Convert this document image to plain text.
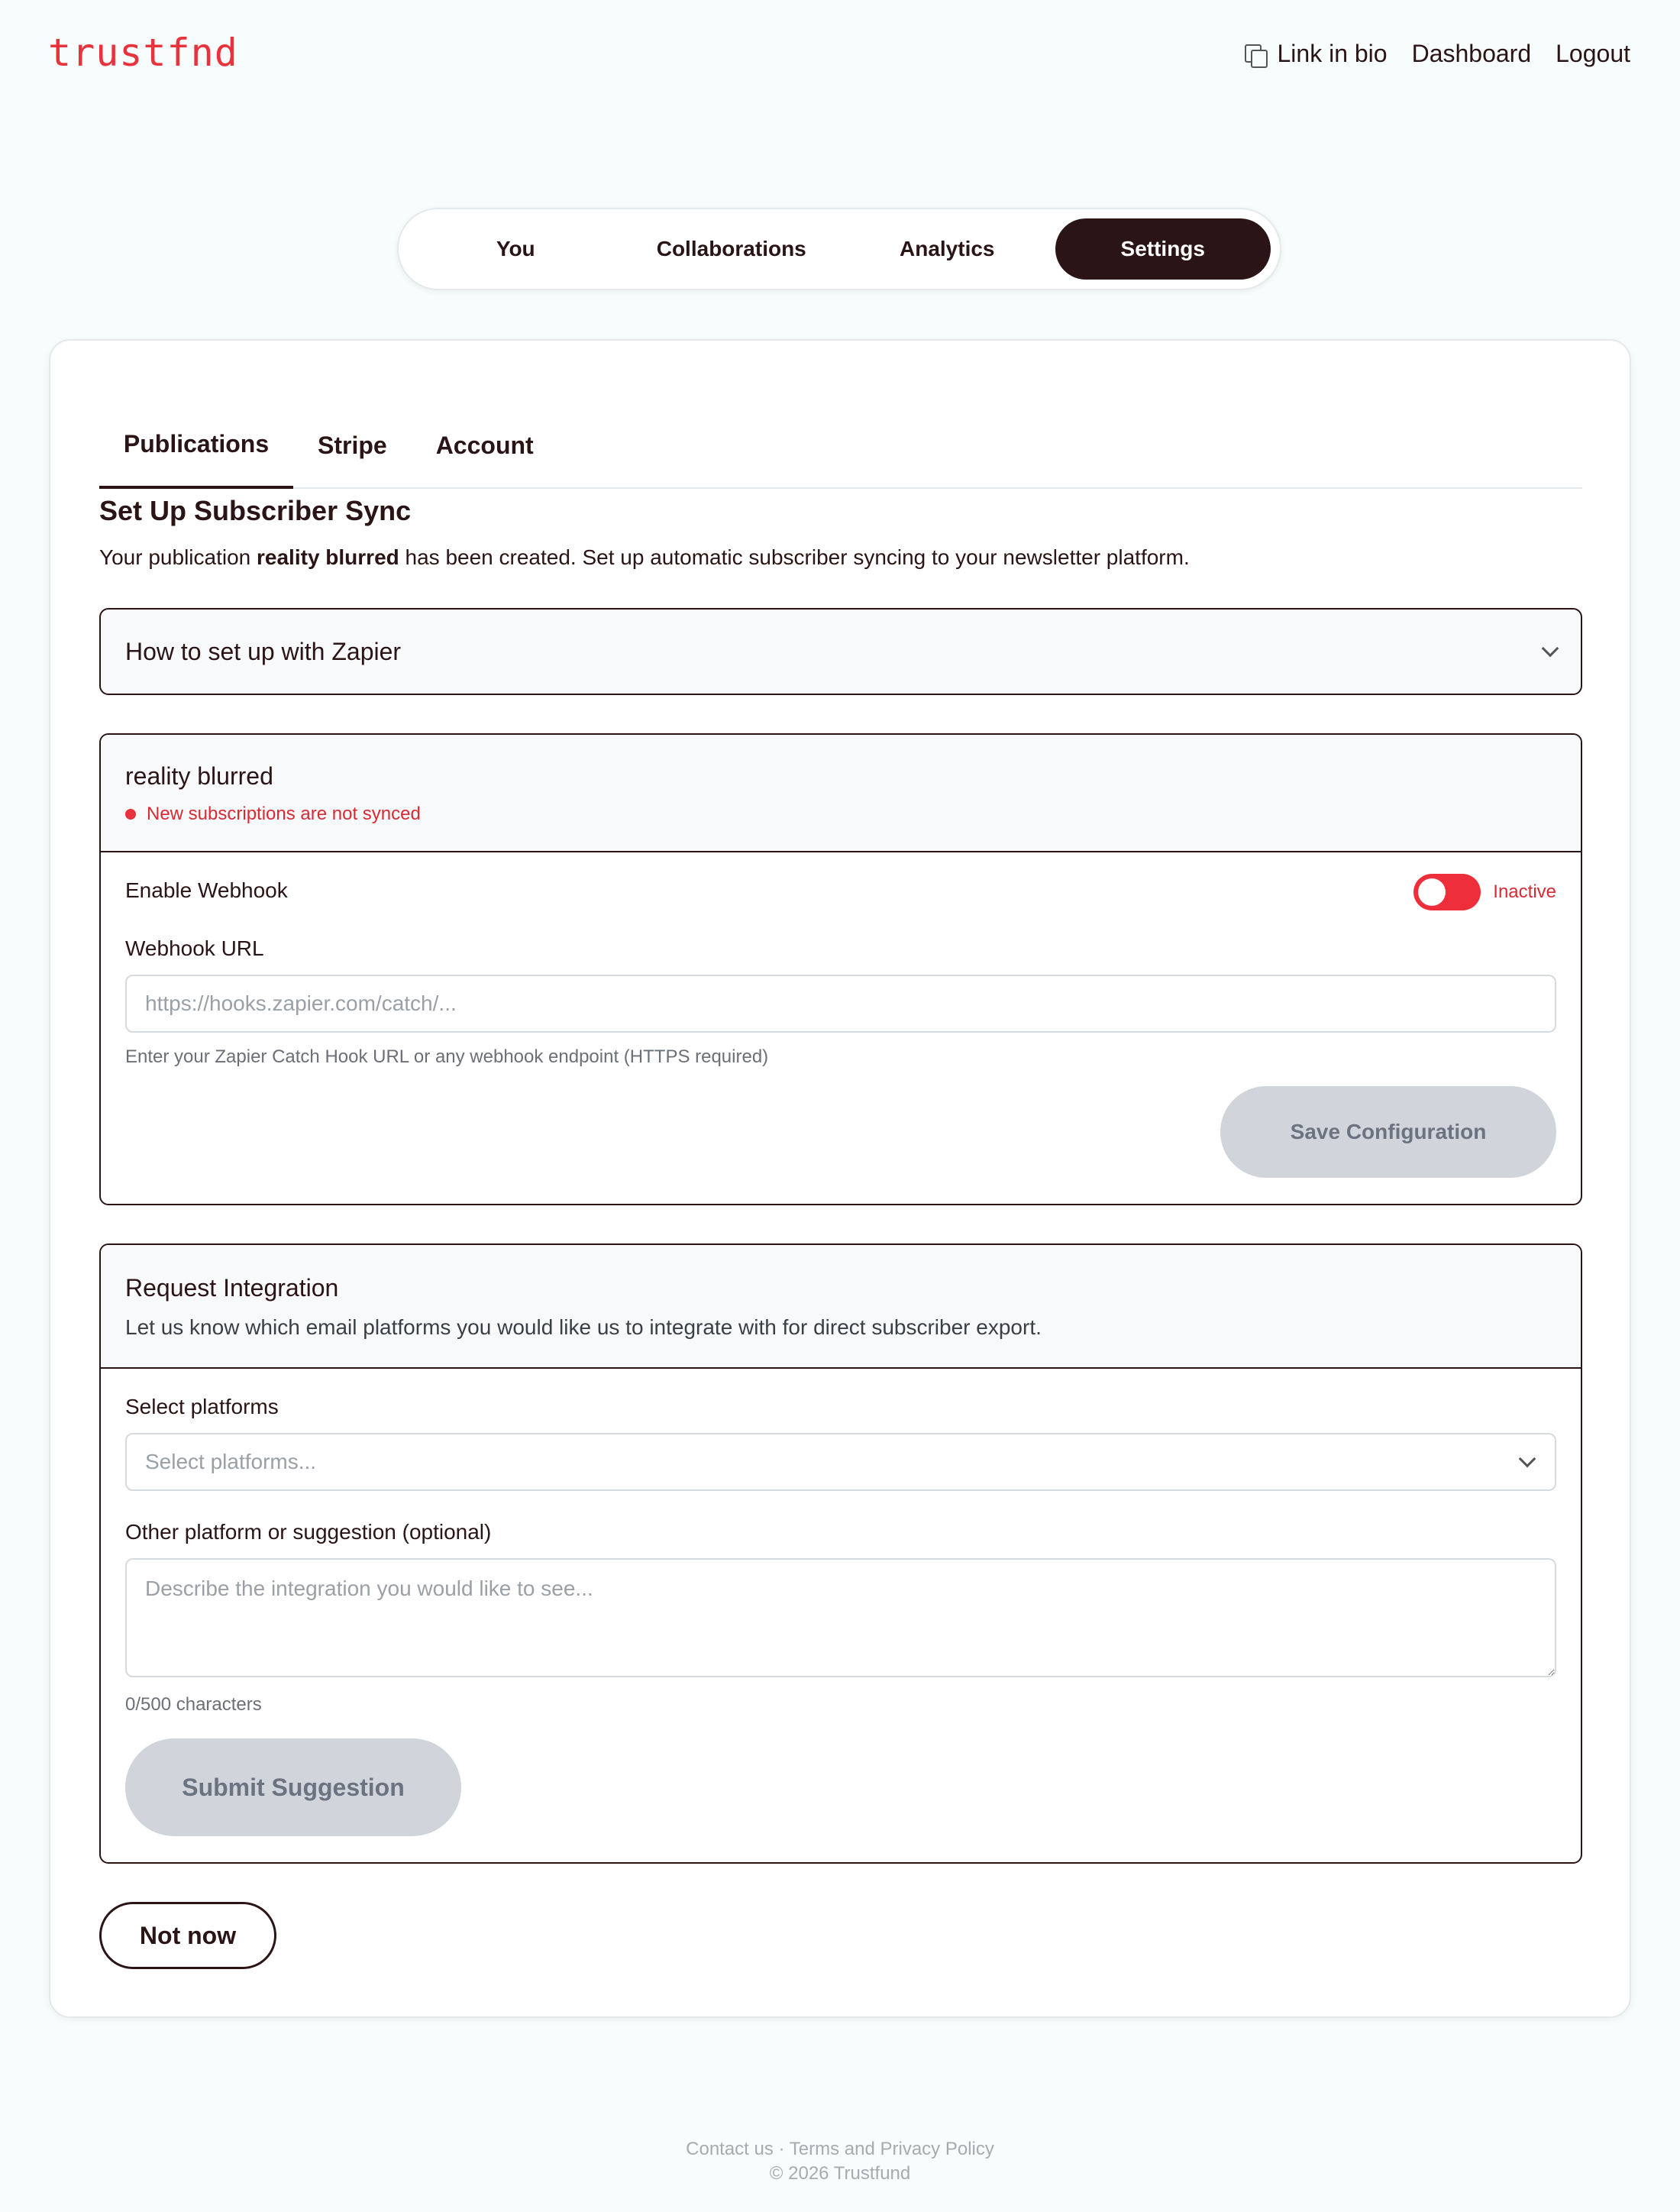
trustfnd	Link in bio Dashboard Logout
You	Collaborations	Analytics	Settings
Publications	Stripe	Account
Set Up Subscriber Sync
Your publication reality blurred has been created. Set up automatic subscriber syncing to your newsletter platform.
How to set up with Zapier
reality blurred
New subscriptions are not synced
Enable Webhook	Inactive
Webhook URL
https://hooks.zapier.com/catch/...
Enter your Zapier Catch Hook URL or any webhook endpoint (HTTPS required)
Save Configuration
Request Integration
Let us know which email platforms you would like us to integrate with for direct subscriber export.
Select platforms
Select platforms...
Other platform or suggestion (optional)
Describe the integration you would like to see...
0/500 characters
Submit Suggestion
Not now
Contact us · Terms and Privacy Policy
© 2026 Trustfund
